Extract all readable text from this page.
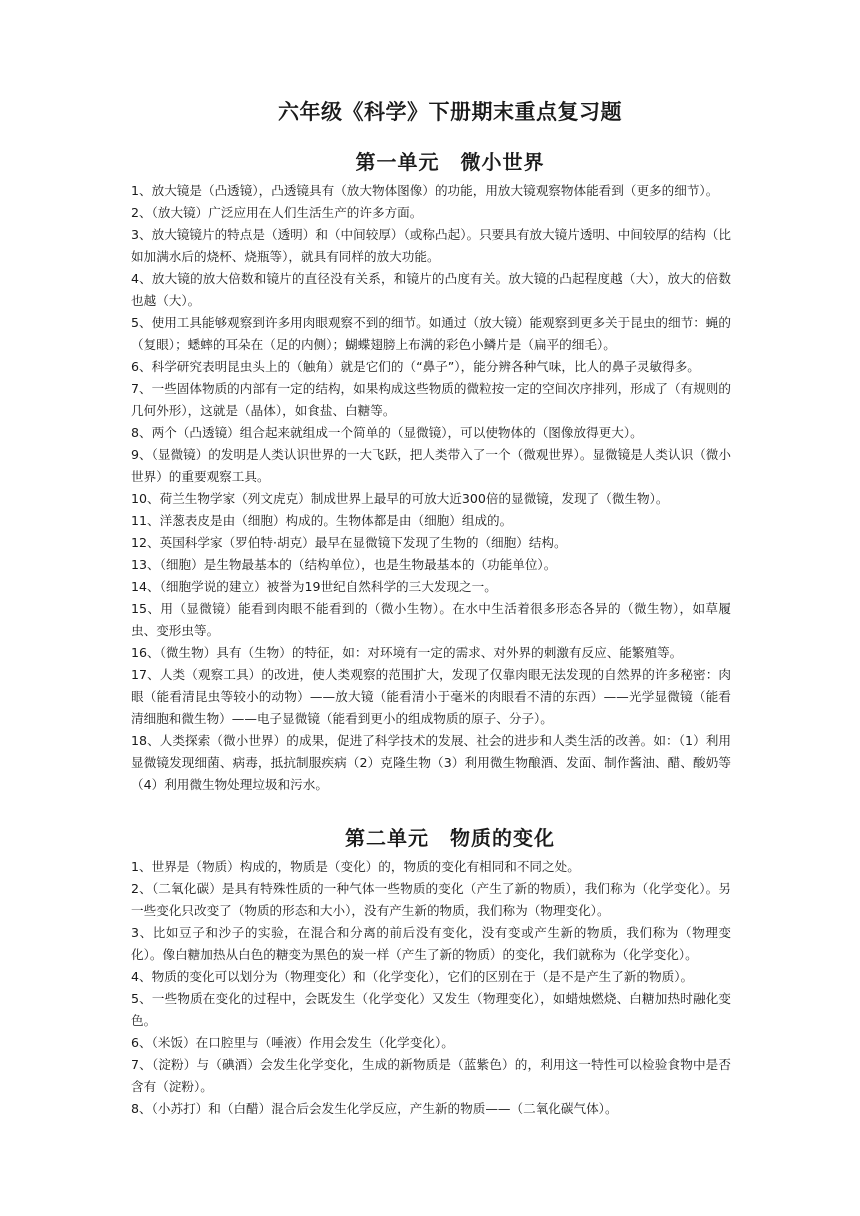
六年级《科学》下册期末重点复习题
第一单元　微小世界

1、放大镜是（凸透镜），凸透镜具有（放大物体图像）的功能，用放大镜观察物体能看到（更多的细节）。

2、（放大镜）广泛应用在人们生活生产的许多方面。

3、放大镜镜片的特点是（透明）和（中间较厚）（或称凸起）。只要具有放大镜片透明、中间较厚的结构（比如加满水后的烧杯、烧瓶等），就具有同样的放大功能。

4、放大镜的放大倍数和镜片的直径没有关系，和镜片的凸度有关。放大镜的凸起程度越（大），放大的倍数也越（大）。

5、使用工具能够观察到许多用肉眼观察不到的细节。如通过（放大镜）能观察到更多关于昆虫的细节：蝇的（复眼）；蟋蟀的耳朵在（足的内侧）；蝴蝶翅膀上布满的彩色小鳞片是（扁平的细毛）。

6、科学研究表明昆虫头上的（触角）就是它们的（“鼻子”），能分辨各种气味，比人的鼻子灵敏得多。

7、一些固体物质的内部有一定的结构，如果构成这些物质的微粒按一定的空间次序排列，形成了（有规则的几何外形），这就是（晶体），如食盐、白糖等。

8、两个（凸透镜）组合起来就组成一个简单的（显微镜），可以使物体的（图像放得更大）。

9、（显微镜）的发明是人类认识世界的一大飞跃，把人类带入了一个（微观世界）。显微镜是人类认识（微小世界）的重要观察工具。

10、荷兰生物学家（列文虎克）制成世界上最早的可放大近300倍的显微镜，发现了（微生物）。

11、洋葱表皮是由（细胞）构成的。生物体都是由（细胞）组成的。

12、英国科学家（罗伯特·胡克）最早在显微镜下发现了生物的（细胞）结构。

13、（细胞）是生物最基本的（结构单位），也是生物最基本的（功能单位）。

14、（细胞学说的建立）被誉为19世纪自然科学的三大发现之一。

15、用（显微镜）能看到肉眼不能看到的（微小生物）。在水中生活着很多形态各异的（微生物），如草履虫、变形虫等。

16、（微生物）具有（生物）的特征，如：对环境有一定的需求、对外界的刺激有反应、能繁殖等。

17、人类（观察工具）的改进，使人类观察的范围扩大，发现了仅靠肉眼无法发现的自然界的许多秘密：肉眼（能看清昆虫等较小的动物）——放大镜（能看清小于毫米的肉眼看不清的东西）——光学显微镜（能看清细胞和微生物）——电子显微镜（能看到更小的组成物质的原子、分子）。

18、人类探索（微小世界）的成果，促进了科学技术的发展、社会的进步和人类生活的改善。如：（1）利用显微镜发现细菌、病毒，抵抗制服疾病（2）克隆生物（3）利用微生物酿酒、发面、制作酱油、醋、酸奶等（4）利用微生物处理垃圾和污水。

第二单元　物质的变化

1、世界是（物质）构成的，物质是（变化）的，物质的变化有相同和不同之处。

2、（二氧化碳）是具有特殊性质的一种气体一些物质的变化（产生了新的物质），我们称为（化学变化）。另一些变化只改变了（物质的形态和大小），没有产生新的物质，我们称为（物理变化）。

3、比如豆子和沙子的实验，在混合和分离的前后没有变化，没有变或产生新的物质，我们称为（物理变化）。像白糖加热从白色的糖变为黑色的炭一样（产生了新的物质）的变化，我们就称为（化学变化）。

4、物质的变化可以划分为（物理变化）和（化学变化），它们的区别在于（是不是产生了新的物质）。

5、一些物质在变化的过程中，会既发生（化学变化）又发生（物理变化），如蜡烛燃烧、白糖加热时融化变色。

6、（米饭）在口腔里与（唾液）作用会发生（化学变化）。

7、（淀粉）与（碘酒）会发生化学变化，生成的新物质是（蓝紫色）的，利用这一特性可以检验食物中是否含有（淀粉）。

8、（小苏打）和（白醋）混合后会发生化学反应，产生新的物质——（二氧化碳气体）。
